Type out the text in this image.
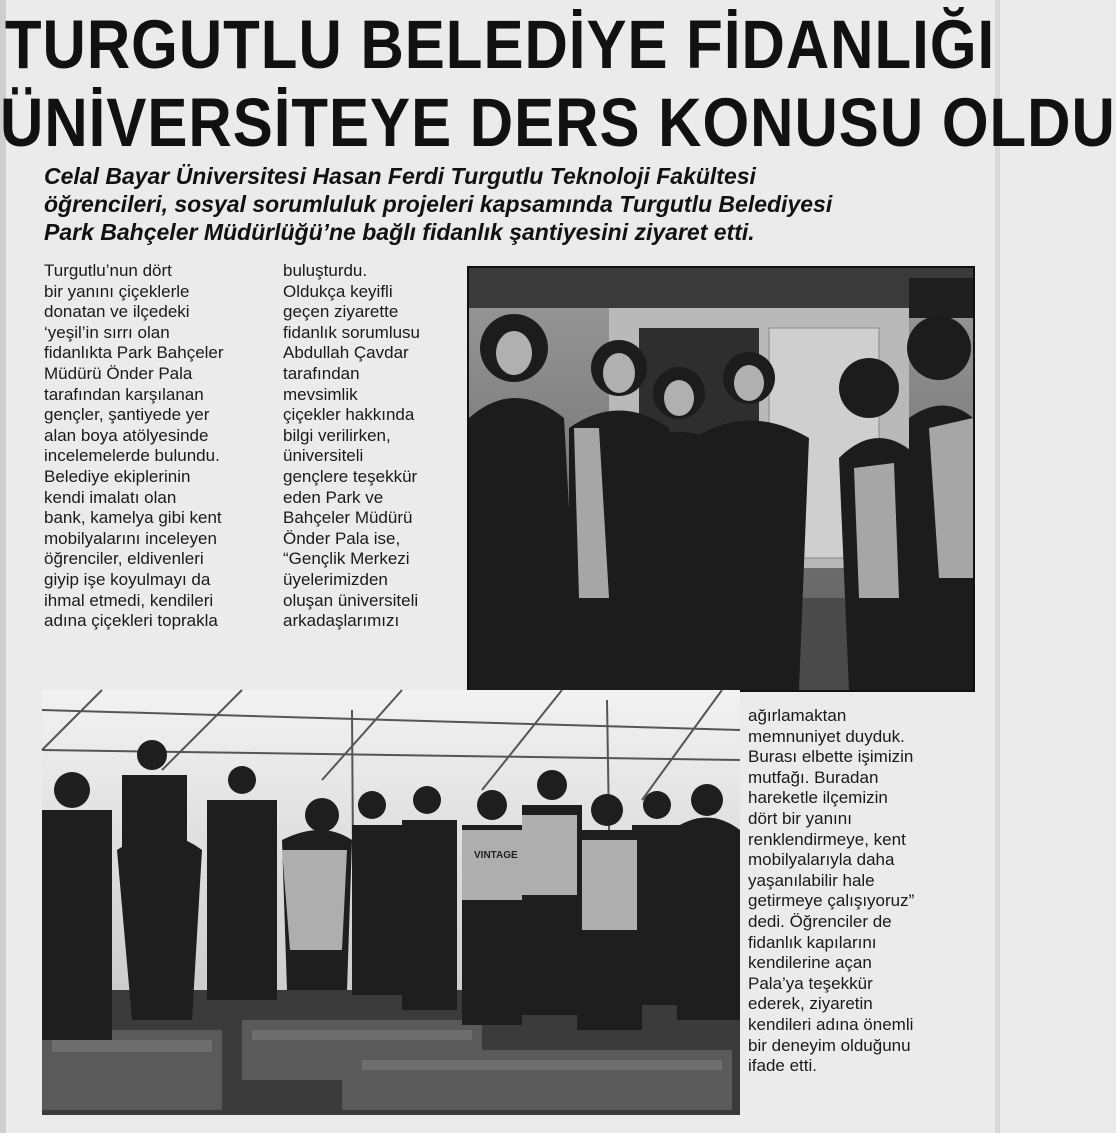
TURGUTLU BELEDİYE FİDANLIĞI
ÜNİVERSİTEYE DERS KONUSU OLDU
Celal Bayar Üniversitesi Hasan Ferdi Turgutlu Teknoloji Fakültesi
öğrencileri, sosyal sorumluluk projeleri kapsamında Turgutlu Belediyesi
Park Bahçeler Müdürlüğü’ne bağlı fidanlık şantiyesini ziyaret etti.
Turgutlu’nun dört
bir yanını çiçeklerle
donatan ve ilçedeki
‘yeşil’in sırrı olan
fidanlıkta Park Bahçeler
Müdürü Önder Pala
tarafından karşılanan
gençler, şantiyede yer
alan boya atölyesinde
incelemelerde bulundu.
Belediye ekiplerinin
kendi imalatı olan
bank, kamelya gibi kent
mobilyalarını inceleyen
öğrenciler, eldivenleri
giyip işe koyulmayı da
ihmal etmedi, kendileri
adına çiçekleri toprakla
buluşturdu.
Oldukça keyifli
geçen ziyarette
fidanlık sorumlusu
Abdullah Çavdar
tarafından
mevsimlik
çiçekler hakkında
bilgi verilirken,
üniversiteli
gençlere teşekkür
eden Park ve
Bahçeler Müdürü
Önder Pala ise,
“Gençlik Merkezi
üyelerimizden
oluşan üniversiteli
arkadaşlarımızı
VINTAGE
ağırlamaktan
memnuniyet duyduk.
Burası elbette işimizin
mutfağı. Buradan
hareketle ilçemizin
dört bir yanını
renklendirmeye, kent
mobilyalarıyla daha
yaşanılabilir hale
getirmeye çalışıyoruz”
dedi. Öğrenciler de
fidanlık kapılarını
kendilerine açan
Pala’ya teşekkür
ederek, ziyaretin
kendileri adına önemli
bir deneyim olduğunu
ifade etti.
